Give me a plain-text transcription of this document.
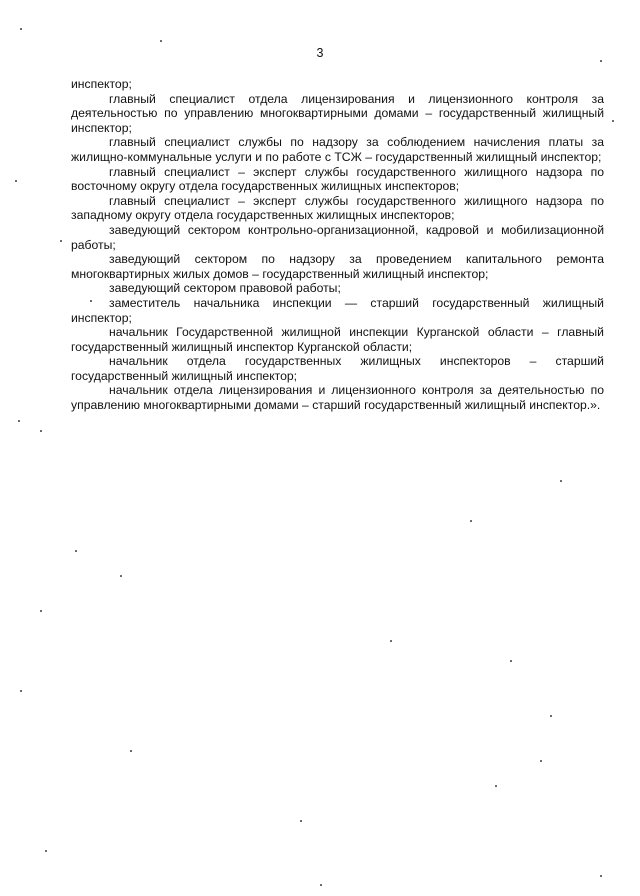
3

инспектор;

главный специалист отдела лицензирования и лицензионного контроля за деятельностью по управлению многоквартирными домами – государственный жилищный инспектор;

главный специалист службы по надзору за соблюдением начисления платы за жилищно-коммунальные услуги и по работе с ТСЖ – государственный жилищный инспектор;

главный специалист – эксперт службы государственного жилищного надзора по восточному округу отдела государственных жилищных инспекторов;

главный специалист – эксперт службы государственного жилищного надзора по западному округу отдела государственных жилищных инспекторов;

заведующий сектором контрольно-организационной, кадровой и мобилизационной работы;

заведующий сектором по надзору за проведением капитального ремонта многоквартирных жилых домов – государственный жилищный инспектор;

заведующий сектором правовой работы;

заместитель начальника инспекции — старший государственный жилищный инспектор;

начальник Государственной жилищной инспекции Курганской области – главный государственный жилищный инспектор Курганской области;

начальник отдела государственных жилищных инспекторов – старший государственный жилищный инспектор;

начальник отдела лицензирования и лицензионного контроля за деятельностью по управлению многоквартирными домами – старший государственный жилищный инспектор.».
